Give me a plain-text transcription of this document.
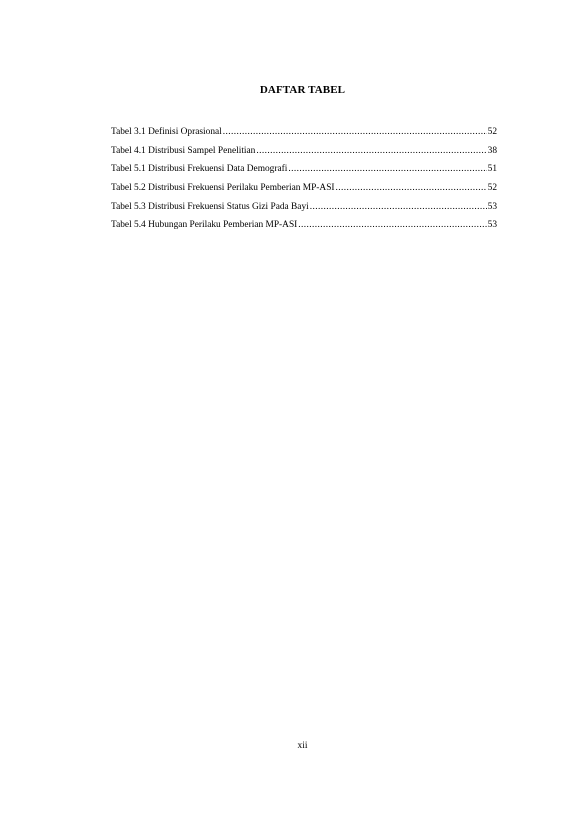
DAFTAR TABEL
Tabel 3.1 Definisi Oprasional .....	52
Tabel 4.1 Distribusi Sampel Penelitian .....	38
Tabel 5.1 Distribusi Frekuensi Data Demografi .....	51
Tabel 5.2 Distribusi Frekuensi Perilaku Pemberian MP-ASI .....	52
Tabel 5.3 Distribusi Frekuensi Status Gizi Pada Bayi .....	53
Tabel 5.4 Hubungan Perilaku Pemberian MP-ASI .....	53
xii
